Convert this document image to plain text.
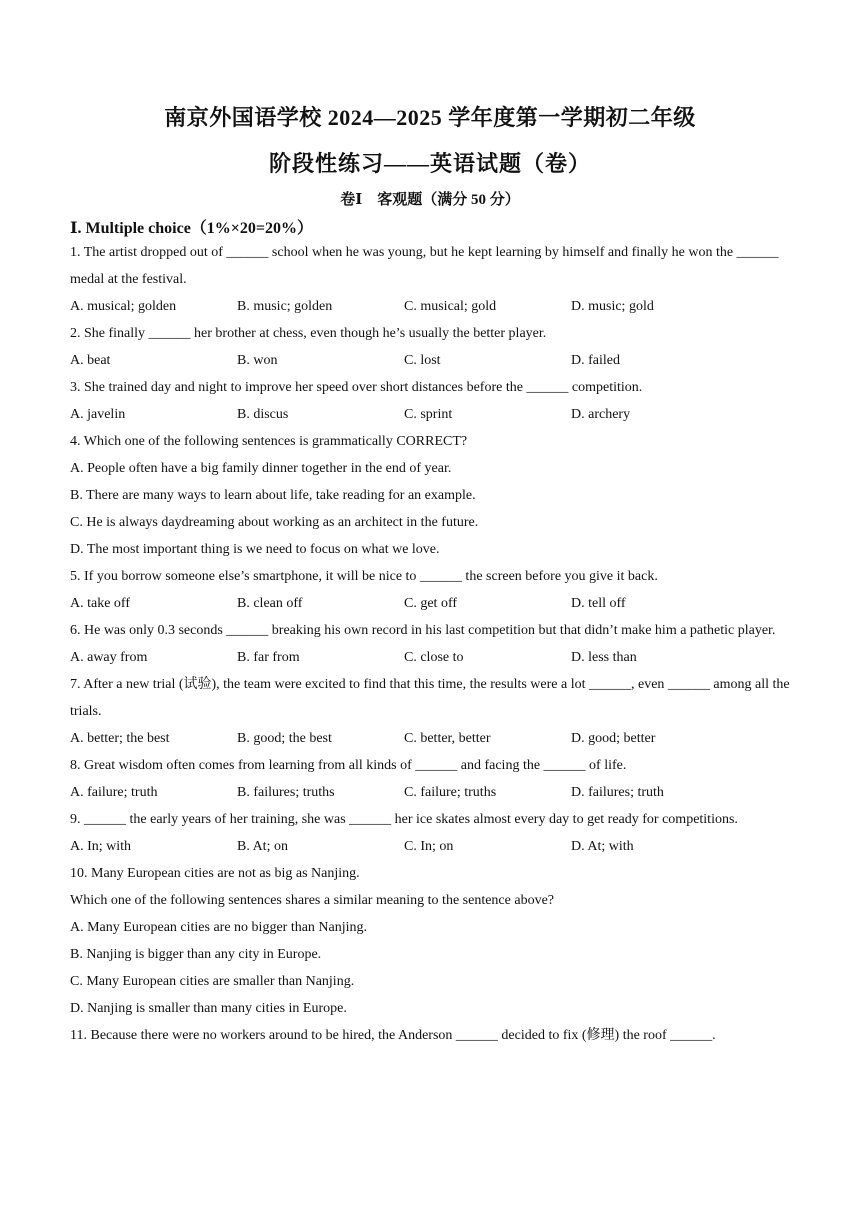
南京外国语学校 2024—2025 学年度第一学期初二年级
阶段性练习——英语试题（卷）
卷Ⅰ　客观题（满分 50 分）
Ⅰ. Multiple choice（1%×20=20%）
1. The artist dropped out of ______ school when he was young, but he kept learning by himself and finally he won the ______ medal at the festival.
A. musical; golden	B. music; golden	C. musical; gold	D. music; gold
2. She finally ______ her brother at chess, even though he’s usually the better player.
A. beat	B. won	C. lost	D. failed
3. She trained day and night to improve her speed over short distances before the ______ competition.
A. javelin	B. discus	C. sprint	D. archery
4. Which one of the following sentences is grammatically CORRECT?
A. People often have a big family dinner together in the end of year.
B. There are many ways to learn about life, take reading for an example.
C. He is always daydreaming about working as an architect in the future.
D. The most important thing is we need to focus on what we love.
5. If you borrow someone else’s smartphone, it will be nice to ______ the screen before you give it back.
A. take off	B. clean off	C. get off	D. tell off
6. He was only 0.3 seconds ______ breaking his own record in his last competition but that didn’t make him a pathetic player.
A. away from	B. far from	C. close to	D. less than
7. After a new trial (试验), the team were excited to find that this time, the results were a lot ______, even ______ among all the trials.
A. better; the best	B. good; the best	C. better, better	D. good; better
8. Great wisdom often comes from learning from all kinds of ______ and facing the ______ of life.
A. failure; truth	B. failures; truths	C. failure; truths	D. failures; truth
9. ______ the early years of her training, she was ______ her ice skates almost every day to get ready for competitions.
A. In; with	B. At; on	C. In; on	D. At; with
10. Many European cities are not as big as Nanjing.
Which one of the following sentences shares a similar meaning to the sentence above?
A. Many European cities are no bigger than Nanjing.
B. Nanjing is bigger than any city in Europe.
C. Many European cities are smaller than Nanjing.
D. Nanjing is smaller than many cities in Europe.
11. Because there were no workers around to be hired, the Anderson ______ decided to fix (修理) the roof ______.
